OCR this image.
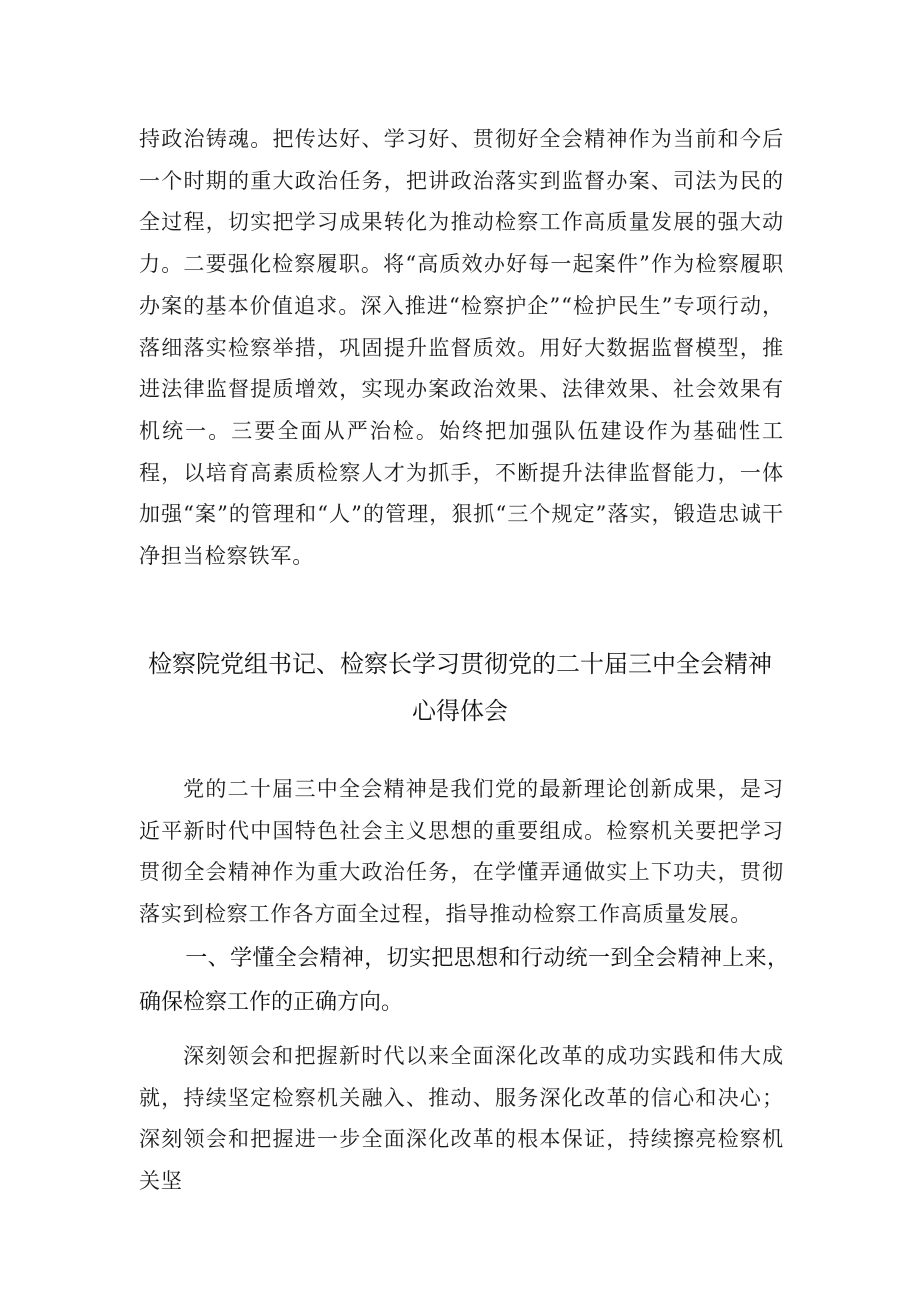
持政治铸魂。把传达好、学习好、贯彻好全会精神作为当前和今后一个时期的重大政治任务，把讲政治落实到监督办案、司法为民的全过程，切实把学习成果转化为推动检察工作高质量发展的强大动力。二要强化检察履职。将“高质效办好每一起案件”作为检察履职办案的基本价值追求。深入推进“检察护企”“检护民生”专项行动，落细落实检察举措，巩固提升监督质效。用好大数据监督模型，推进法律监督提质增效，实现办案政治效果、法律效果、社会效果有机统一。三要全面从严治检。始终把加强队伍建设作为基础性工程，以培育高素质检察人才为抓手，不断提升法律监督能力，一体加强“案”的管理和“人”的管理，狠抓“三个规定”落实，锻造忠诚干净担当检察铁军。

检察院党组书记、检察长学习贯彻党的二十届三中全会精神
心得体会

党的二十届三中全会精神是我们党的最新理论创新成果，是习近平新时代中国特色社会主义思想的重要组成。检察机关要把学习贯彻全会精神作为重大政治任务，在学懂弄通做实上下功夫，贯彻落实到检察工作各方面全过程，指导推动检察工作高质量发展。

一、学懂全会精神，切实把思想和行动统一到全会精神上来，确保检察工作的正确方向。

深刻领会和把握新时代以来全面深化改革的成功实践和伟大成就，持续坚定检察机关融入、推动、服务深化改革的信心和决心；深刻领会和把握进一步全面深化改革的根本保证，持续擦亮检察机关坚
